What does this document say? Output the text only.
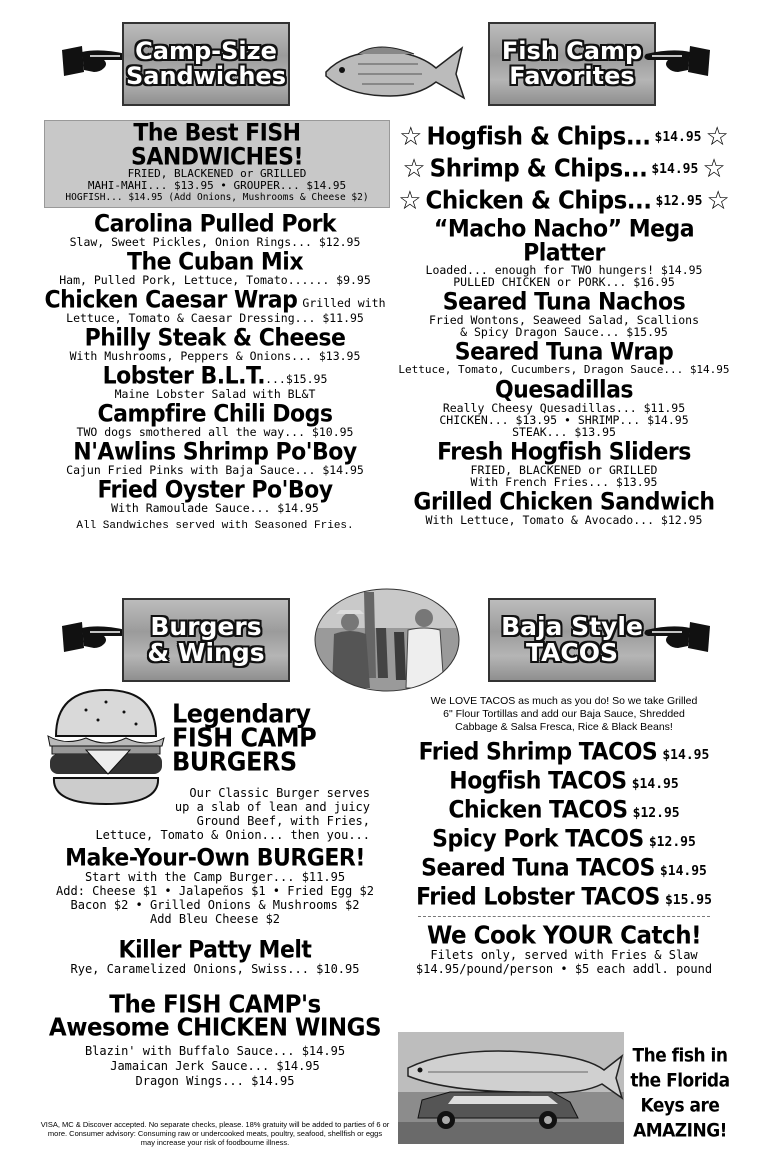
Camp-Size
Sandwiches
Fish Camp
Favorites
The Best FISH SANDWICHES!
FRIED, BLACKENED or GRILLED
MAHI-MAHI... $13.95 • GROUPER... $14.95
HOGFISH... $14.95 (Add Onions, Mushrooms & Cheese $2)
Carolina Pulled Pork
Slaw, Sweet Pickles, Onion Rings... $12.95
The Cuban Mix
Ham, Pulled Pork, Lettuce, Tomato...... $9.95
Chicken Caesar Wrap Grilled with
Lettuce, Tomato & Caesar Dressing... $11.95
Philly Steak & Cheese
With Mushrooms, Peppers & Onions... $13.95
Lobster B.L.T....$15.95
Maine Lobster Salad with BL&T
Campfire Chili Dogs
TWO dogs smothered all the way... $10.95
N'Awlins Shrimp Po'Boy
Cajun Fried Pinks with Baja Sauce... $14.95
Fried Oyster Po'Boy
With Ramoulade Sauce... $14.95
All Sandwiches served with Seasoned Fries.
☆ Hogfish & Chips... $14.95 ☆
☆ Shrimp & Chips... $14.95 ☆
☆ Chicken & Chips... $12.95 ☆
“Macho Nacho” Mega Platter
Loaded... enough for TWO hungers! $14.95
PULLED CHICKEN or PORK... $16.95
Seared Tuna Nachos
Fried Wontons, Seaweed Salad, Scallions
& Spicy Dragon Sauce... $15.95
Seared Tuna Wrap
Lettuce, Tomato, Cucumbers, Dragon Sauce... $14.95
Quesadillas
Really Cheesy Quesadillas... $11.95
CHICKEN... $13.95 • SHRIMP... $14.95
STEAK... $13.95
Fresh Hogfish Sliders
FRIED, BLACKENED or GRILLED
With French Fries... $13.95
Grilled Chicken Sandwich
With Lettuce, Tomato & Avocado... $12.95
Burgers
& Wings
Baja Style
TACOS
Legendary
FISH CAMP
BURGERS
Our Classic Burger serves
up a slab of lean and juicy
Ground Beef, with Fries,
Lettuce, Tomato & Onion... then you...
Make-Your-Own BURGER!
Start with the Camp Burger... $11.95
Add: Cheese $1 • Jalapeños $1 • Fried Egg $2
Bacon $2 • Grilled Onions & Mushrooms $2
Add Bleu Cheese $2
Killer Patty Melt
Rye, Caramelized Onions, Swiss... $10.95
The FISH CAMP's
Awesome CHICKEN WINGS
Blazin' with Buffalo Sauce... $14.95
Jamaican Jerk Sauce... $14.95
Dragon Wings... $14.95
VISA, MC & Discover accepted. No separate checks, please. 18% gratuity will be added to parties of 6 or more. Consumer advisory: Consuming raw or undercooked meats, poultry, seafood, shellfish or eggs may increase your risk of foodbourne illness.
We LOVE TACOS as much as you do! So we take Grilled
6" Flour Tortillas and add our Baja Sauce, Shredded
Cabbage & Salsa Fresca, Rice & Black Beans!
Fried Shrimp TACOS $14.95
Hogfish TACOS $14.95
Chicken TACOS $12.95
Spicy Pork TACOS $12.95
Seared Tuna TACOS $14.95
Fried Lobster TACOS $15.95
We Cook YOUR Catch!
Filets only, served with Fries & Slaw
$14.95/pound/person • $5 each addl. pound
The fish in
the Florida
Keys are
AMAZING!
